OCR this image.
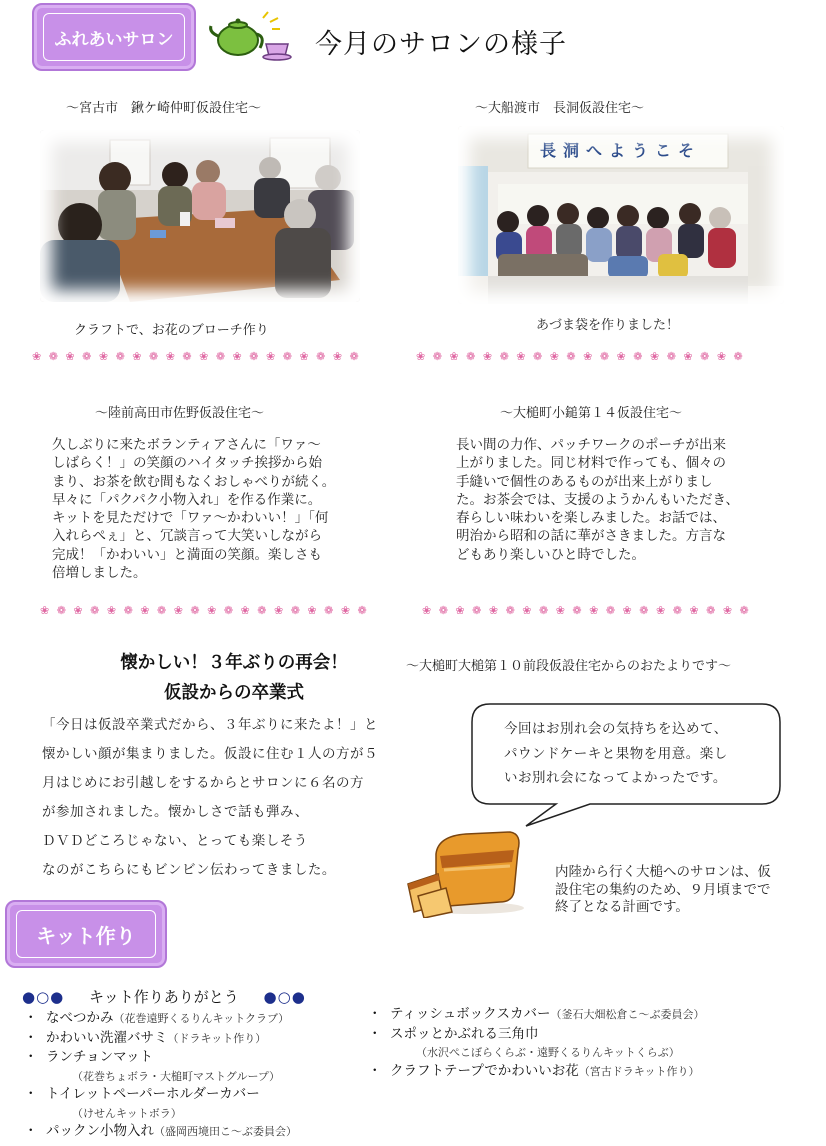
ふれあいサロン	今月のサロンの様子
～宮古市　鍬ケ崎仲町仮設住宅～	～大船渡市　長洞仮設住宅～
長洞へようこそ
クラフトで、お花のブローチ作り	あづま袋を作りました！
❀ ❁ ❀ ❁ ❀ ❁ ❀ ❁ ❀ ❁ ❀ ❁ ❀ ❁ ❀ ❁ ❀ ❁ ❀ ❁	❀ ❁ ❀ ❁ ❀ ❁ ❀ ❁ ❀ ❁ ❀ ❁ ❀ ❁ ❀ ❁ ❀ ❁ ❀ ❁
～陸前高田市佐野仮設住宅～	～大槌町小鎚第１４仮設住宅～
久しぶりに来たボランティアさんに「ワァ～
しばらく！」の笑顔のハイタッチ挨拶から始
まり、お茶を飲む間もなくおしゃべりが続く。
早々に「パクパク小物入れ」を作る作業に。
キットを見ただけで「ワァ～かわいい！」「何
入れらぺぇ」と、冗談言って大笑いしながら
完成！「かわいい」と満面の笑顔。楽しさも
倍増しました。
長い間の力作、パッチワークのポーチが出来
上がりました。同じ材料で作っても、個々の
手縫いで個性のあるものが出来上がりまし
た。お茶会では、支援のようかんもいただき、
春らしい味わいを楽しみました。お話では、
明治から昭和の話に華がさきました。方言な
どもあり楽しいひと時でした。
❀ ❁ ❀ ❁ ❀ ❁ ❀ ❁ ❀ ❁ ❀ ❁ ❀ ❁ ❀ ❁ ❀ ❁ ❀ ❁	❀ ❁ ❀ ❁ ❀ ❁ ❀ ❁ ❀ ❁ ❀ ❁ ❀ ❁ ❀ ❁ ❀ ❁ ❀ ❁
懐かしい！３年ぶりの再会！
仮設からの卒業式
～大槌町大槌第１０前段仮設住宅からのおたよりです～
「今日は仮設卒業式だから、３年ぶりに来たよ！」と
懐かしい顔が集まりました。仮設に住む１人の方が５
月はじめにお引越しをするからとサロンに６名の方
が参加されました。懐かしさで話も弾み、
ＤＶＤどころじゃない、とっても楽しそう
なのがこちらにもビンビン伝わってきました。
今回はお別れ会の気持ちを込めて、
パウンドケーキと果物を用意。楽し
いお別れ会になってよかったです。
内陸から行く大槌へのサロンは、仮
設住宅の集約のため、９月頃までで
終了となる計画です。
キット作り
●○● キット作りありがとう ●○●
・ なべつかみ（花巻遠野くるりんキットクラブ）
・ かわいい洗濯バサミ（ドラキット作り）
・ ランチョンマット
（花巻ちょボラ・大槌町マストグループ）
・ トイレットペーパーホルダーカバー
（けせんキットボラ）
・ パックン小物入れ（盛岡西境田こ～ぶ委員会）
・ ティッシュボックスカバー（釜石大畑松倉こ～ぶ委員会）
・ スポッとかぶれる三角巾
（水沢ぺこぼらくらぶ・遠野くるりんキットくらぶ）
・ クラフトテープでかわいいお花（宮古ドラキット作り）
